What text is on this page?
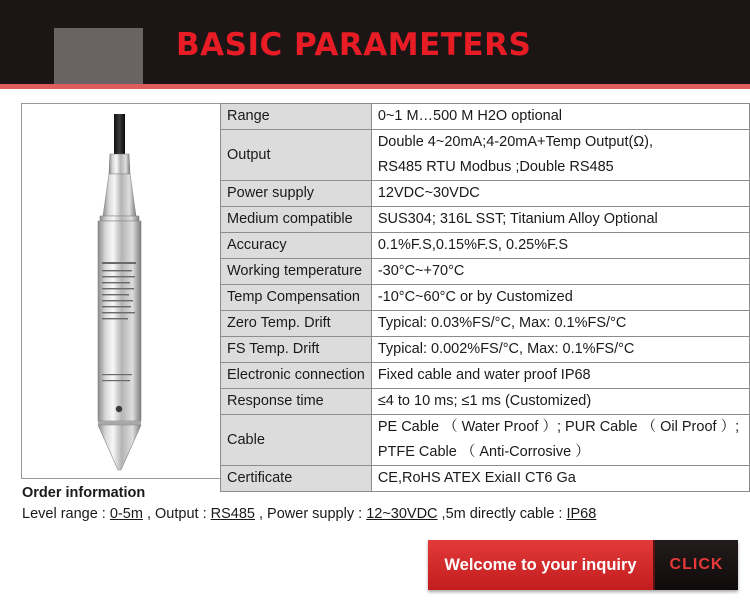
BASIC PARAMETERS
Range	0~1 M…500 M H2O optional

Output	Double 4~20mA;4-20mA+Temp Output(Ω),
RS485 RTU Modbus ;Double RS485

Power supply	12VDC~30VDC

Medium compatible	SUS304; 316L SST; Titanium Alloy Optional

Accuracy	0.1%F.S,0.15%F.S, 0.25%F.S

Working temperature	-30°C~+70°C

Temp Compensation	-10°C~60°C or by Customized

Zero Temp. Drift	Typical: 0.03%FS/°C, Max: 0.1%FS/°C

FS Temp. Drift	Typical: 0.002%FS/°C, Max: 0.1%FS/°C

Electronic connection	Fixed cable and water proof IP68

Response time	≤4 to 10 ms; ≤1 ms (Customized)

Cable	PE Cable （ Water Proof ）; PUR Cable （ Oil Proof ）;
PTFE Cable （ Anti-Corrosive ）

Certificate	CE,RoHS ATEX ExiaII CT6 Ga
Order information
Level range : 0-5m , Output : RS485 , Power supply : 12~30VDC ,5m directly cable : IP68
Welcome to your inquiry	CLICK
